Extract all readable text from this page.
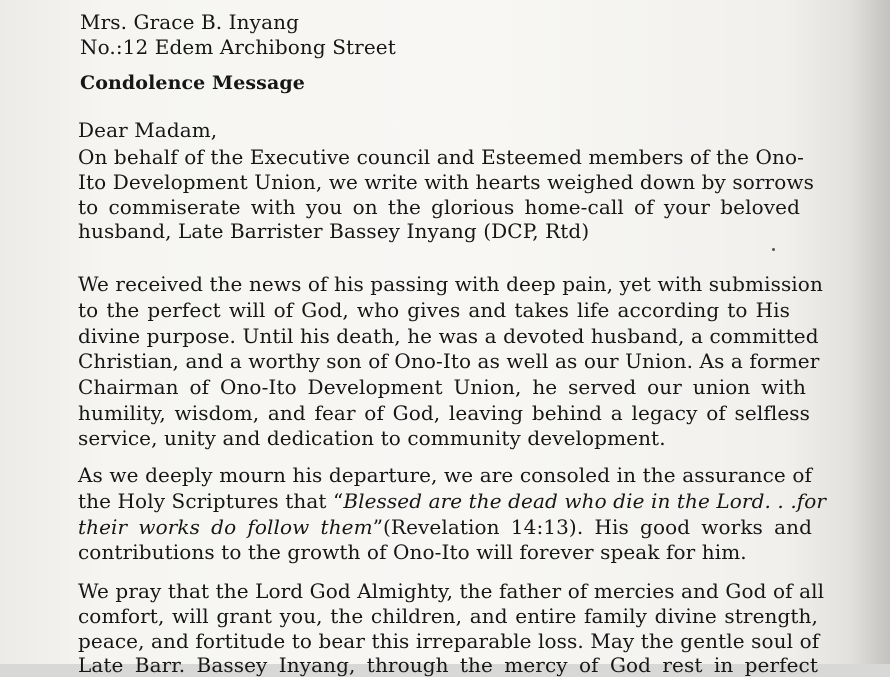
Mrs. Grace B. Inyang
No.:12 Edem Archibong Street
Condolence Message
Dear Madam,
On behalf of the Executive council and Esteemed members of the Ono-
Ito Development Union, we write with hearts weighed down by sorrows
to commiserate with you on the glorious home-call of your beloved
husband, Late Barrister Bassey Inyang (DCP, Rtd)
We received the news of his passing with deep pain, yet with submission
to the perfect will of God, who gives and takes life according to His
divine purpose. Until his death, he was a devoted husband, a committed
Christian, and a worthy son of Ono-Ito as well as our Union. As a former
Chairman of Ono-Ito Development Union, he served our union with
humility, wisdom, and fear of God, leaving behind a legacy of selfless
service, unity and dedication to community development.
As we deeply mourn his departure, we are consoled in the assurance of
the Holy Scriptures that “Blessed are the dead who die in the Lord. . .for
their works do follow them”(Revelation 14:13). His good works and
contributions to the growth of Ono-Ito will forever speak for him.
We pray that the Lord God Almighty, the father of mercies and God of all
comfort, will grant you, the children, and entire family divine strength,
peace, and fortitude to bear this irreparable loss. May the gentle soul of
Late Barr. Bassey Inyang, through the mercy of God rest in perfect
